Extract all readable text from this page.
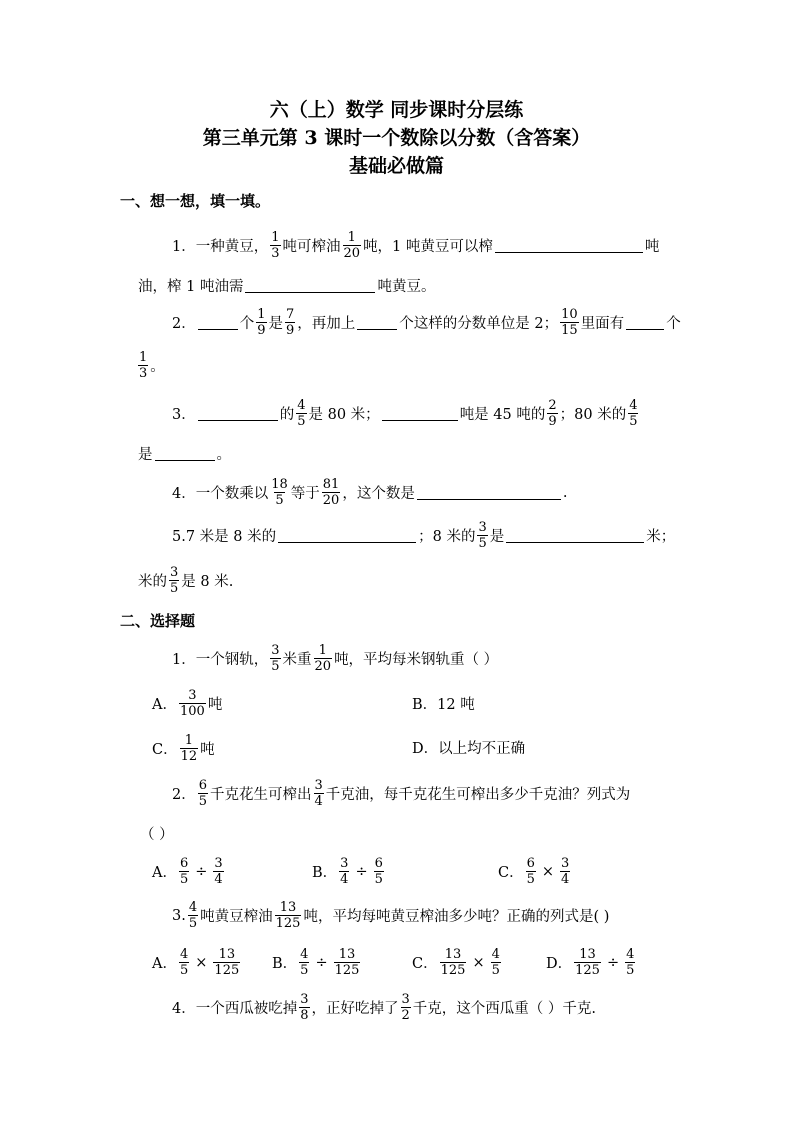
六（上）数学 同步课时分层练
第三单元第 3 课时一个数除以分数（含答案）
基础必做篇
一、想一想，填一填。
1．一种黄豆， $\frac{1}{3}$ 吨可榨油 $\frac{1}{20}$ 吨，1 吨黄豆可以榨	吨
油，榨 1 吨油需	吨黄豆。
2．	个 $\frac{1}{9}$ 是 $\frac{7}{9}$ ，再加上	个这样的分数单位是 2； $\frac{10}{15}$ 里面有	个
$\frac{1}{3}$ 。
3．	的 $\frac{4}{5}$ 是 80 米；	吨是 45 吨的 $\frac{2}{9}$ ；80 米的 $\frac{4}{5}$
是	。
4．一个数乘以 $\frac{18}{5}$ 等于 $\frac{81}{20}$ ，这个数是	.
5.7 米是 8 米的	；8 米的 $\frac{3}{5}$ 是	米；
米的 $\frac{3}{5}$ 是 8 米.
二、选择题
1．一个钢轨， $\frac{3}{5}$ 米重 $\frac{1}{20}$ 吨，平均每米钢轨重（ ）
A． $\frac{3}{100}$ 吨	B． 12 吨
C． $\frac{1}{12}$ 吨	D． 以上均不正确
2． $\frac{6}{5}$ 千克花生可榨出 $\frac{3}{4}$ 千克油，每千克花生可榨出多少千克油？列式为
（ ）
A． $\frac{6}{5} \div \frac{3}{4}$	B． $\frac{3}{4} \div \frac{6}{5}$	C． $\frac{6}{5} \times \frac{3}{4}$
3. $\frac{4}{5}$ 吨黄豆榨油 $\frac{13}{125}$ 吨，平均每吨黄豆榨油多少吨？正确的列式是( )
A． $\frac{4}{5} \times \frac{13}{125}$ B． $\frac{4}{5} \div \frac{13}{125}$	C． $\frac{13}{125} \times \frac{4}{5}$	D． $\frac{13}{125} \div \frac{4}{5}$
4．一个西瓜被吃掉 $\frac{3}{8}$ ，正好吃掉了 $\frac{3}{2}$ 千克，这个西瓜重（ ）千克.
